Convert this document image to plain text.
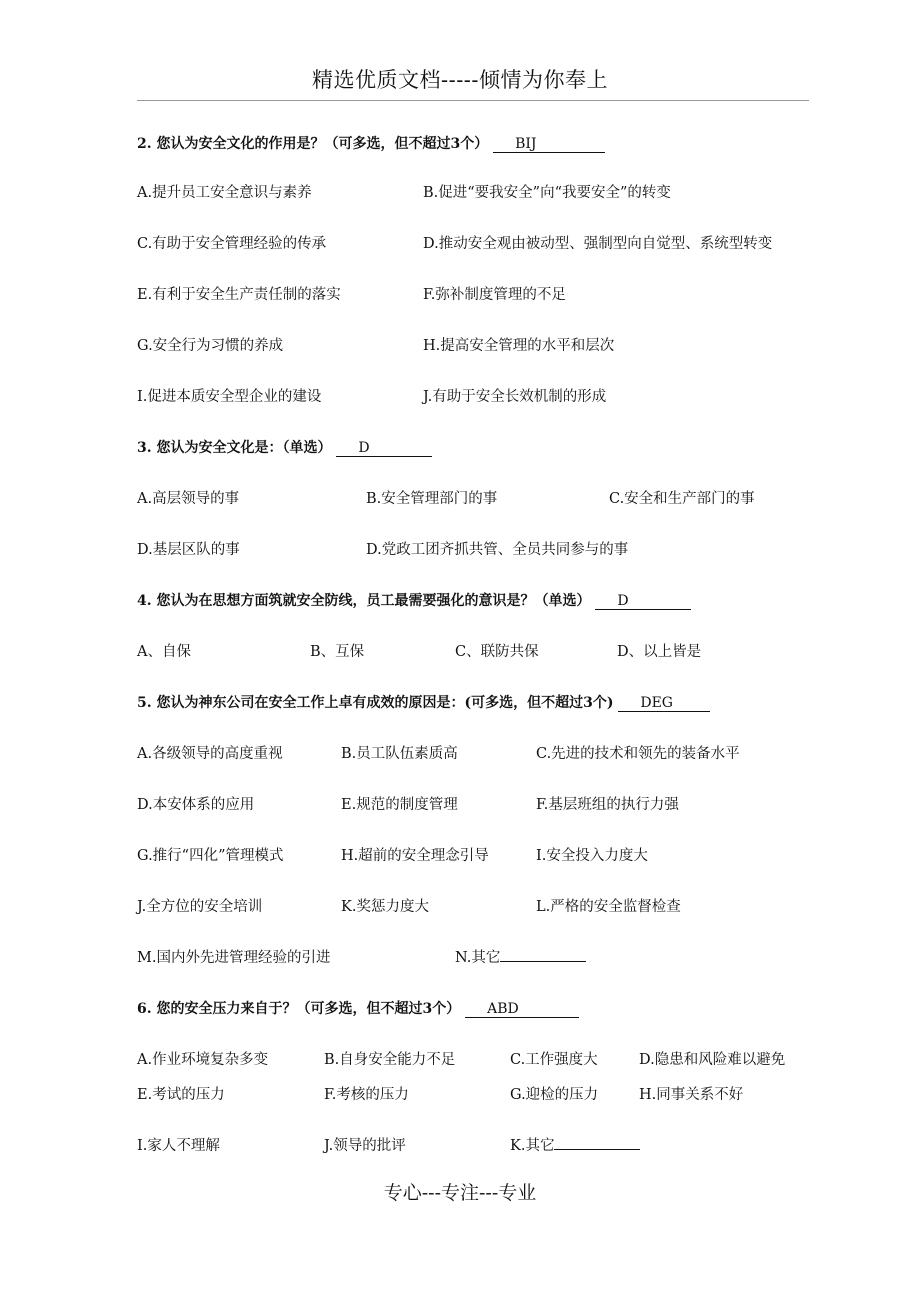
精选优质文档-----倾情为你奉上
2. 您认为安全文化的作用是？（可多选，但不超过3个） BIJ
A.提升员工安全意识与素养	B.促进“要我安全”向“我要安全”的转变
C.有助于安全管理经验的传承	D.推动安全观由被动型、强制型向自觉型、系统型转变
E.有利于安全生产责任制的落实	F.弥补制度管理的不足
G.安全行为习惯的养成	H.提高安全管理的水平和层次
I.促进本质安全型企业的建设	J.有助于安全长效机制的形成
3. 您认为安全文化是：（单选） D
A.高层领导的事	B.安全管理部门的事	C.安全和生产部门的事
D.基层区队的事	D.党政工团齐抓共管、全员共同参与的事
4. 您认为在思想方面筑就安全防线，员工最需要强化的意识是？（单选） D
A、自保	B、互保	C、联防共保	D、以上皆是
5. 您认为神东公司在安全工作上卓有成效的原因是：(可多选，但不超过3个) DEG
A.各级领导的高度重视	B.员工队伍素质高	C.先进的技术和领先的装备水平
D.本安体系的应用	E.规范的制度管理	F.基层班组的执行力强
G.推行“四化”管理模式	H.超前的安全理念引导	I.安全投入力度大
J.全方位的安全培训	K.奖惩力度大	L.严格的安全监督检查
M.国内外先进管理经验的引进	N.其它
6. 您的安全压力来自于？（可多选，但不超过3个） ABD
A.作业环境复杂多变	B.自身安全能力不足	C.工作强度大	D.隐患和风险难以避免
E.考试的压力	F.考核的压力	G.迎检的压力	H.同事关系不好
I.家人不理解	J.领导的批评	K.其它
专心---专注---专业
